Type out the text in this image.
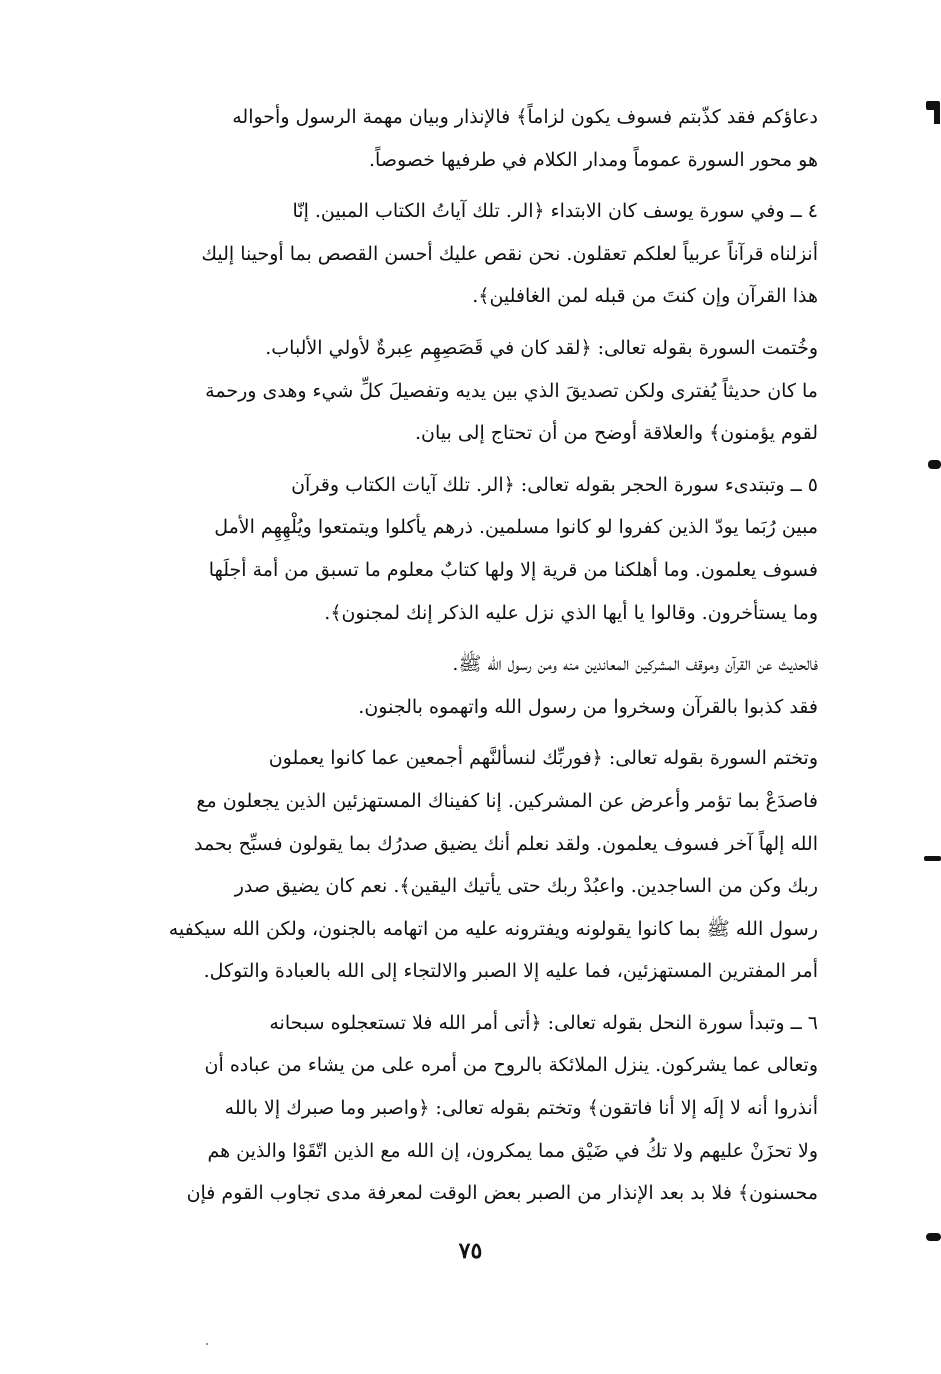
دعاؤكم فقد كذّبتم فسوف يكون لزاماً﴾ فالإنذار وبيان مهمة الرسول وأحواله
هو محور السورة عموماً ومدار الكلام في طرفيها خصوصاً.

٤ ــ وفي سورة يوسف كان الابتداء ﴿الر. تلك آياتُ الكتاب المبين. إنّا
أنزلناه قرآناً عربياً لعلكم تعقلون. نحن نقص عليك أحسن القصص بما أوحينا إليك
هذا القرآن وإن كنتَ من قبله لمن الغافلين﴾.

وخُتمت السورة بقوله تعالى: ﴿لقد كان في قَصَصِهِم عِبرةٌ لأولي الألباب.
ما كان حديثاً يُفترى ولكن تصديقَ الذي بين يديه وتفصيلَ كلِّ شيء وهدى ورحمة
لقوم يؤمنون﴾ والعلاقة أوضح من أن تحتاج إلى بيان.

٥ ــ وتبتدىء سورة الحجر بقوله تعالى: ﴿الر. تلك آيات الكتاب وقرآن
مبين رُبَما يودّ الذين كفروا لو كانوا مسلمين. ذرهم يأكلوا ويتمتعوا ويُلْهِهِم الأمل
فسوف يعلمون. وما أهلكنا من قرية إلا ولها كتابٌ معلوم ما تسبق من أمة أجلَها
وما يستأخرون. وقالوا يا أيها الذي نزل عليه الذكر إنك لمجنون﴾.

فالحديث عن القرآن وموقف المشركين المعاندين منه ومن رسول الله ﷺ.
فقد كذبوا بالقرآن وسخروا من رسول الله واتهموه بالجنون.

وتختم السورة بقوله تعالى: ﴿فوربِّك لنسألنَّهم أجمعين عما كانوا يعملون
فاصدَعْ بما تؤمر وأعرض عن المشركين. إنا كفيناك المستهزئين الذين يجعلون مع
الله إلهاً آخر فسوف يعلمون. ولقد نعلم أنك يضيق صدرُك بما يقولون فسبِّح بحمد
ربك وكن من الساجدين. واعبُدْ ربك حتى يأتيك اليقين﴾. نعم كان يضيق صدر
رسول الله ﷺ بما كانوا يقولونه ويفترونه عليه من اتهامه بالجنون، ولكن الله سيكفيه
أمر المفترين المستهزئين، فما عليه إلا الصبر والالتجاء إلى الله بالعبادة والتوكل.

٦ ــ وتبدأ سورة النحل بقوله تعالى: ﴿أتى أمر الله فلا تستعجلوه سبحانه
وتعالى عما يشركون. ينزل الملائكة بالروح من أمره على من يشاء من عباده أن
أنذروا أنه لا إلَه إلا أنا فاتقون﴾ وتختم بقوله تعالى: ﴿واصبر وما صبرك إلا بالله
ولا تحزَنْ عليهم ولا تكُ في ضَيْق مما يمكرون، إن الله مع الذين اتّقَوْا والذين هم
محسنون﴾ فلا بد بعد الإنذار من الصبر بعض الوقت لمعرفة مدى تجاوب القوم فإن

٧٥
